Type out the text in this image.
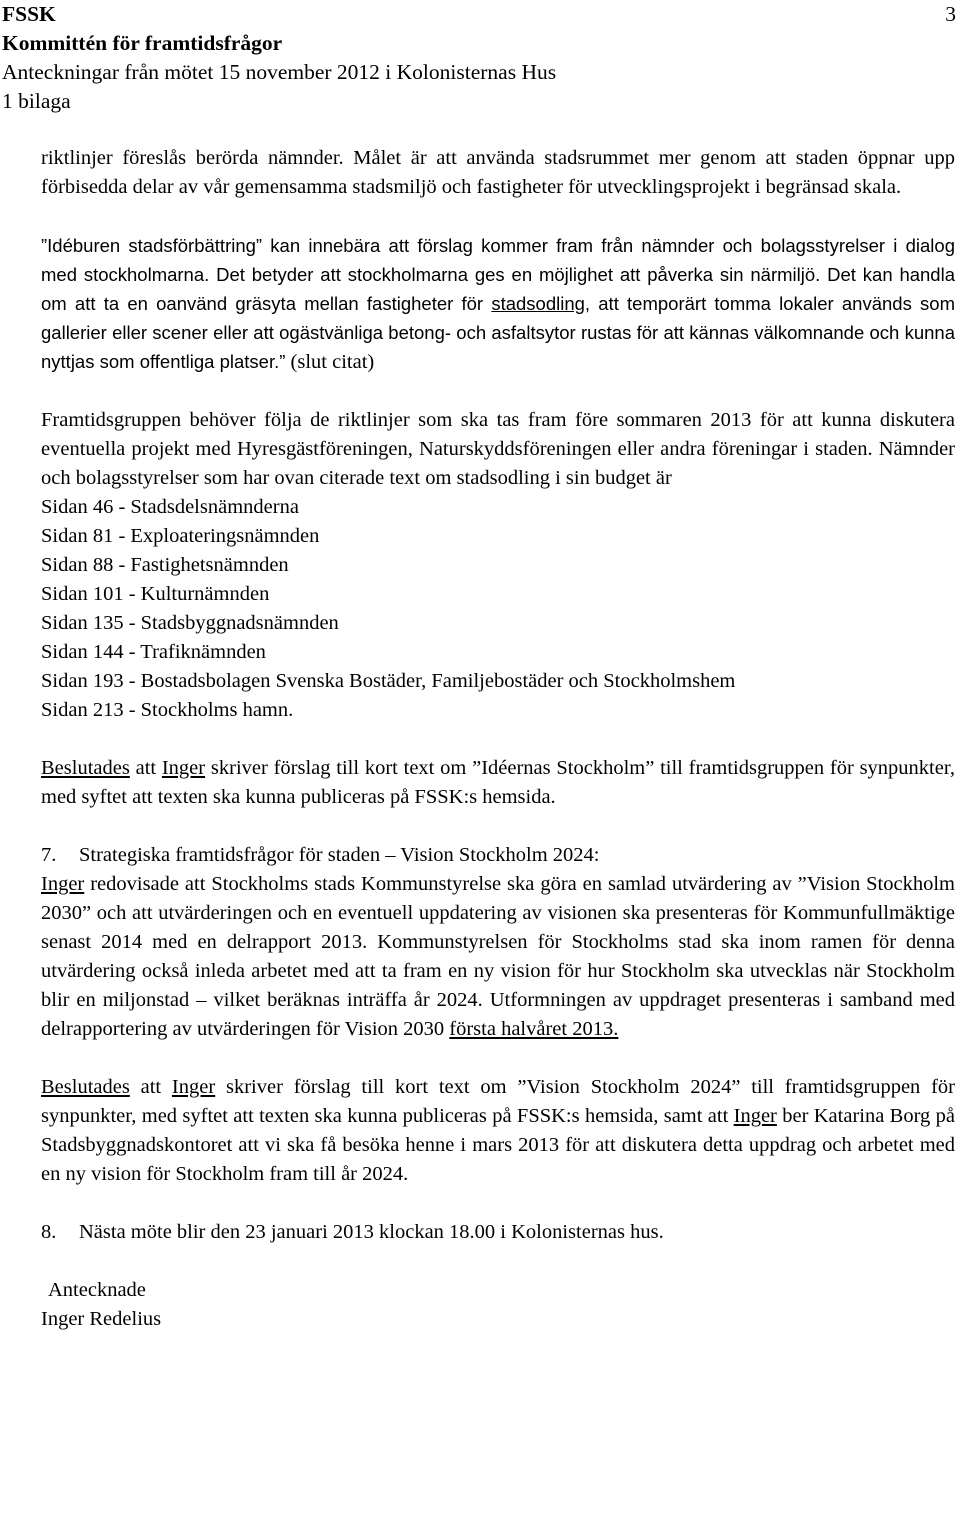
FSSK
Kommittén för framtidsfrågor
Anteckningar från mötet 15 november 2012 i Kolonisternas Hus
1 bilaga
3

riktlinjer föreslås berörda nämnder. Målet är att använda stadsrummet mer genom att staden öppnar upp förbisedda delar av vår gemensamma stadsmiljö och fastigheter för utvecklingsprojekt i begränsad skala.

”Idéburen stadsförbättring” kan innebära att förslag kommer fram från nämnder och bolagsstyrelser i dialog med stockholmarna. Det betyder att stockholmarna ges en möjlighet att påverka sin närmiljö. Det kan handla om att ta en oanvänd gräsyta mellan fastigheter för stadsodling, att temporärt tomma lokaler används som gallerier eller scener eller att ogästvänliga betong- och asfaltsytor rustas för att kännas välkomnande och kunna nyttjas som offentliga platser.” (slut citat)

Framtidsgruppen behöver följa de riktlinjer som ska tas fram före sommaren 2013 för att kunna diskutera eventuella projekt med Hyresgästföreningen, Naturskyddsföreningen eller andra föreningar i staden. Nämnder och bolagsstyrelser som har ovan citerade text om stadsodling i sin budget är

Sidan 46 - Stadsdelsnämnderna
Sidan 81 - Exploateringsnämnden
Sidan 88 - Fastighetsnämnden
Sidan 101 - Kulturnämnden
Sidan 135 - Stadsbyggnadsnämnden
Sidan 144 - Trafiknämnden
Sidan 193 - Bostadsbolagen Svenska Bostäder, Familjebostäder och Stockholmshem
Sidan 213 - Stockholms hamn.

Beslutades att Inger skriver förslag till kort text om ”Idéernas Stockholm” till framtidsgruppen för synpunkter, med syftet att texten ska kunna publiceras på FSSK:s hemsida.

7.	Strategiska framtidsfrågor för staden – Vision Stockholm 2024:

Inger redovisade att Stockholms stads Kommunstyrelse ska göra en samlad utvärdering av ”Vision Stockholm 2030” och att utvärderingen och en eventuell uppdatering av visionen ska presenteras för Kommunfullmäktige senast 2014 med en delrapport 2013. Kommunstyrelsen för Stockholms stad ska inom ramen för denna utvärdering också inleda arbetet med att ta fram en ny vision för hur Stockholm ska utvecklas när Stockholm blir en miljonstad – vilket beräknas inträffa år 2024. Utformningen av uppdraget presenteras i samband med delrapportering av utvärderingen för Vision 2030 första halvåret 2013.

Beslutades att Inger skriver förslag till kort text om ”Vision Stockholm 2024” till framtidsgruppen för synpunkter, med syftet att texten ska kunna publiceras på FSSK:s hemsida, samt att Inger ber Katarina Borg på Stadsbyggnadskontoret att vi ska få besöka henne i mars 2013 för att diskutera detta uppdrag och arbetet med en ny vision för Stockholm fram till år 2024.

8.	Nästa möte blir den 23 januari 2013 klockan 18.00 i Kolonisternas hus.
Antecknade
Inger Redelius
